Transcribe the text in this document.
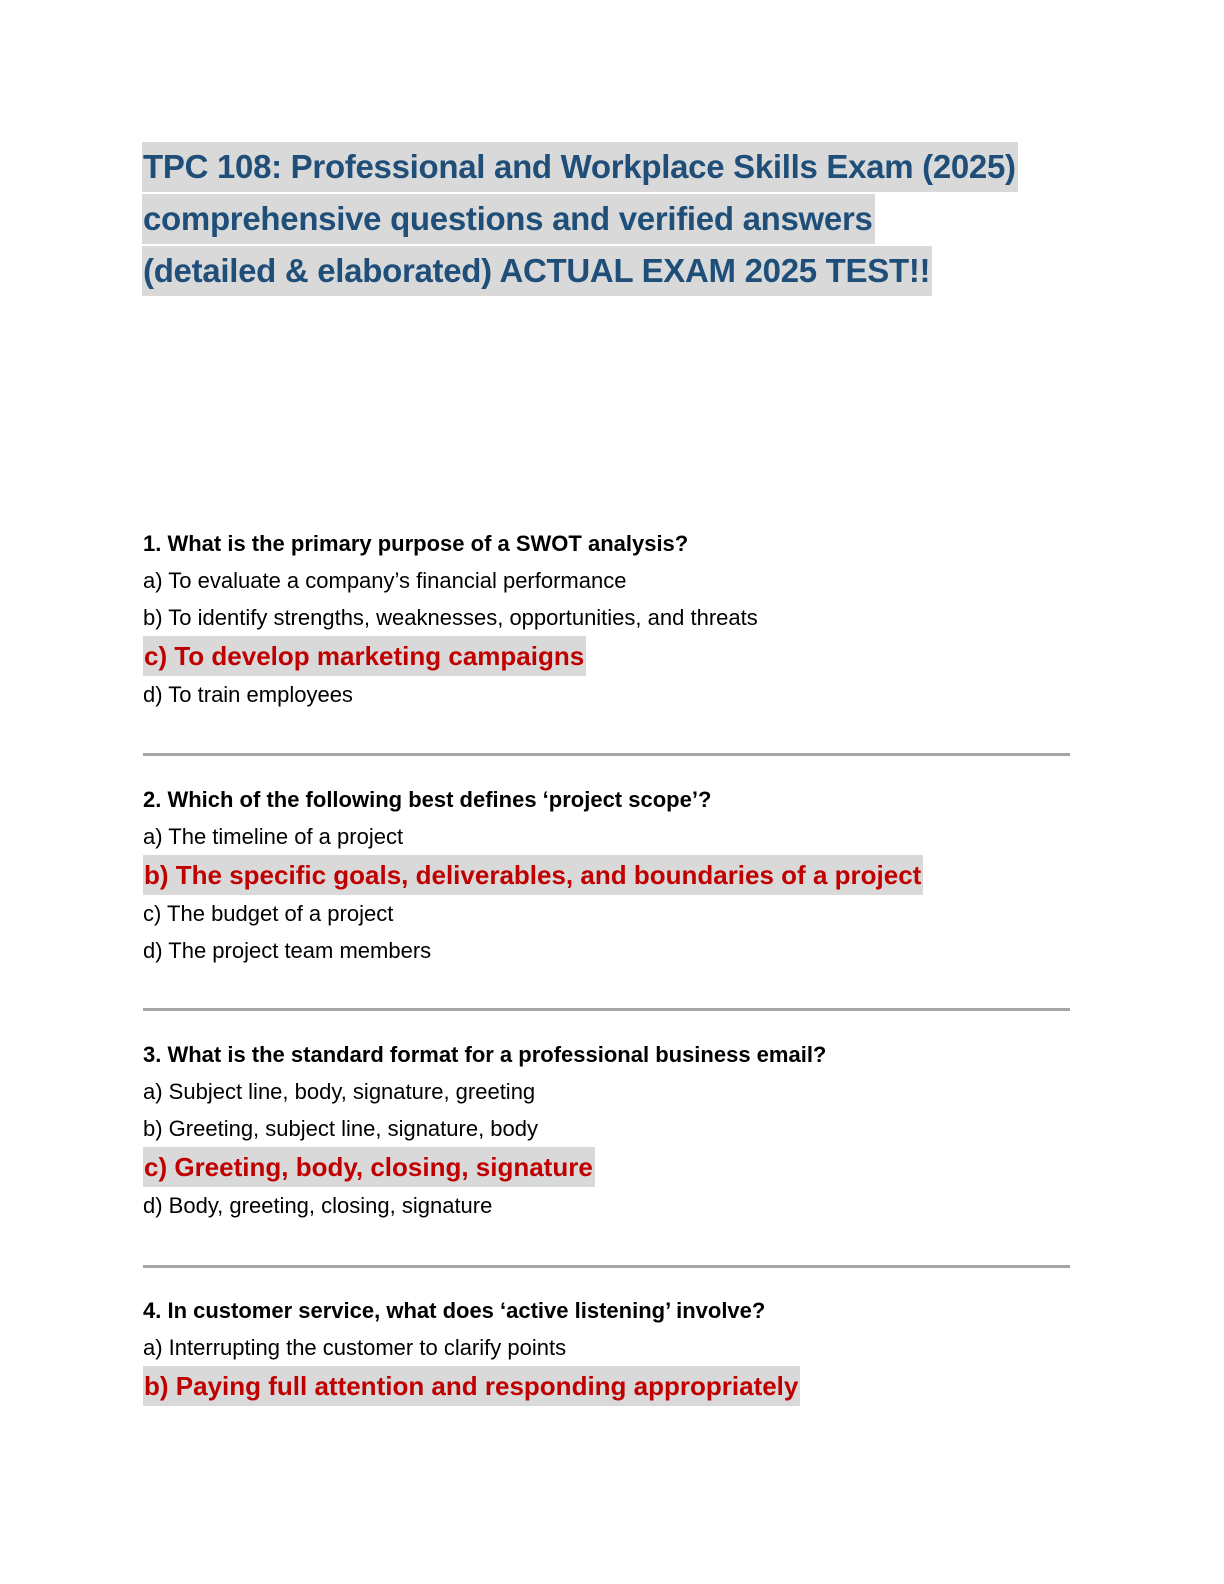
TPC 108: Professional and Workplace Skills Exam (2025)
comprehensive questions and verified answers
(detailed & elaborated) ACTUAL EXAM 2025 TEST!!
1. What is the primary purpose of a SWOT analysis?
a) To evaluate a company’s financial performance
b) To identify strengths, weaknesses, opportunities, and threats
c) To develop marketing campaigns
d) To train employees
2. Which of the following best defines ‘project scope’?
a) The timeline of a project
b) The specific goals, deliverables, and boundaries of a project
c) The budget of a project
d) The project team members
3. What is the standard format for a professional business email?
a) Subject line, body, signature, greeting
b) Greeting, subject line, signature, body
c) Greeting, body, closing, signature
d) Body, greeting, closing, signature
4. In customer service, what does ‘active listening’ involve?
a) Interrupting the customer to clarify points
b) Paying full attention and responding appropriately
